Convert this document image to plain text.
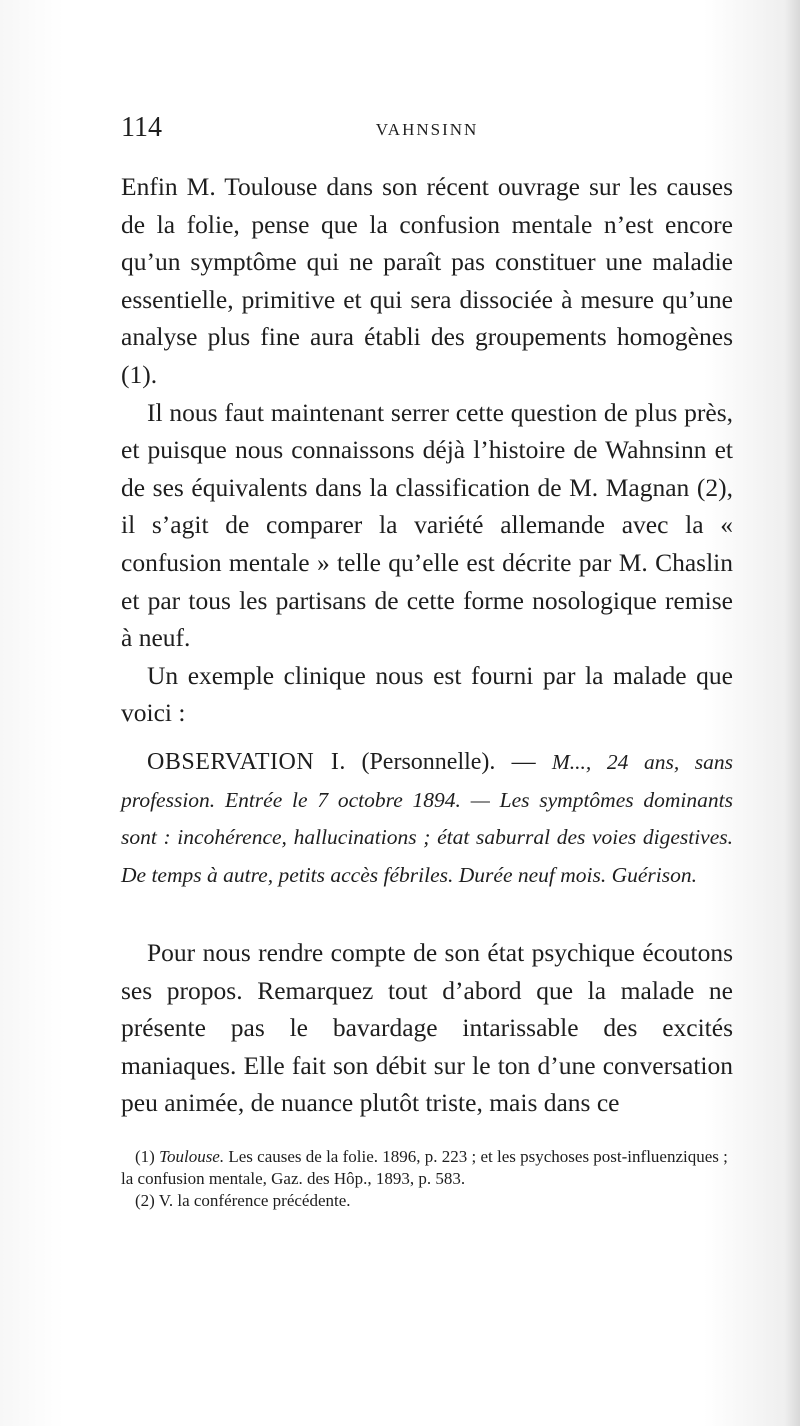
114	VAHNSINN

Enfin M. Toulouse dans son récent ouvrage sur les causes de la folie, pense que la confusion mentale n’est encore qu’un symptôme qui ne paraît pas constituer une maladie essentielle, primitive et qui sera dissociée à mesure qu’une analyse plus fine aura établi des groupements homogènes (1).

Il nous faut maintenant serrer cette question de plus près, et puisque nous connaissons déjà l’histoire de Wahnsinn et de ses équivalents dans la classification de M. Magnan (2), il s’agit de comparer la variété allemande avec la « confusion mentale » telle qu’elle est décrite par M. Chaslin et par tous les partisans de cette forme nosologique remise à neuf.

Un exemple clinique nous est fourni par la malade que voici :

OBSERVATION I. (Personnelle). — M..., 24 ans, sans profession. Entrée le 7 octobre 1894. — Les symptômes dominants sont : incohérence, hallucinations ; état saburral des voies digestives. De temps à autre, petits accès fébriles. Durée neuf mois. Guérison.

Pour nous rendre compte de son état psychique écoutons ses propos. Remarquez tout d’abord que la malade ne présente pas le bavardage intarissable des excités maniaques. Elle fait son débit sur le ton d’une conversation peu animée, de nuance plutôt triste, mais dans ce

(1) Toulouse. Les causes de la folie. 1896, p. 223 ; et les psychoses post-influenziques ; la confusion mentale, Gaz. des Hôp., 1893, p. 583.

(2) V. la conférence précédente.
